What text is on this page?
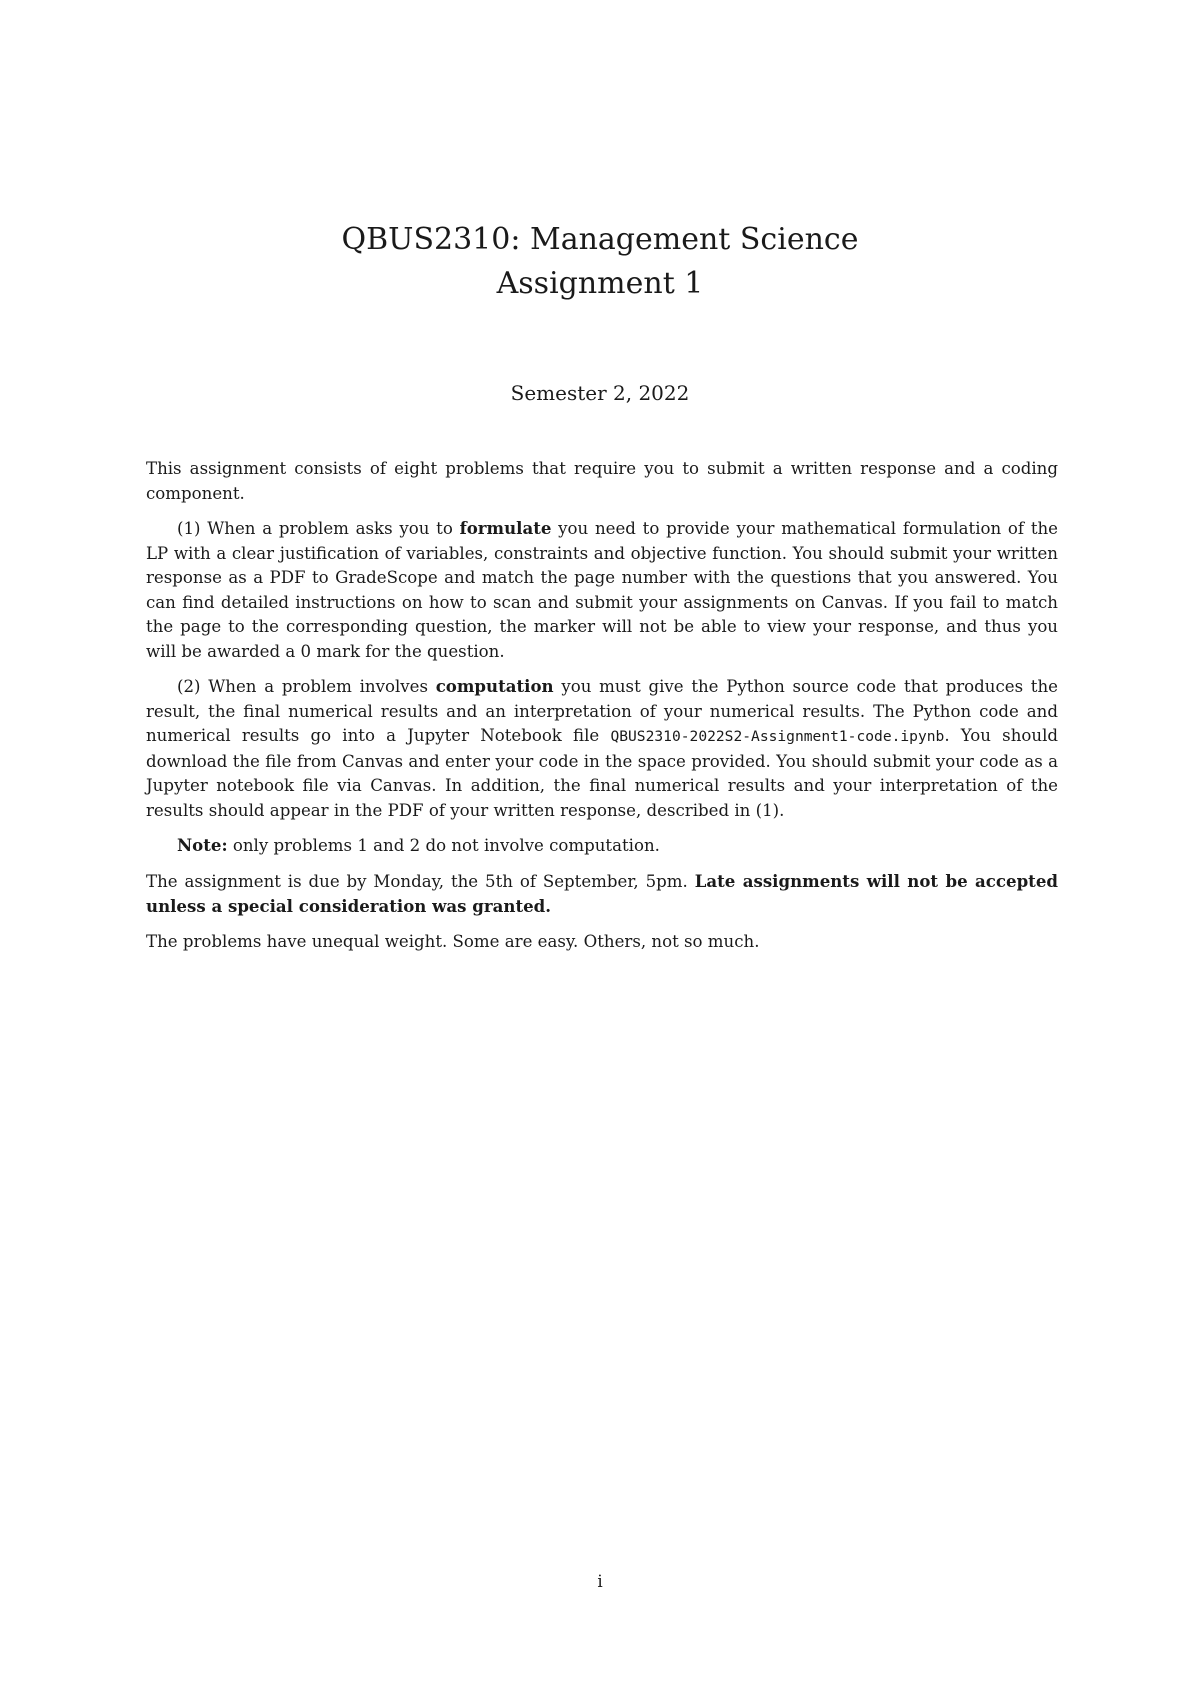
QBUS2310: Management Science
Assignment 1
Semester 2, 2022

This assignment consists of eight problems that require you to submit a written response and a coding component.

(1) When a problem asks you to formulate you need to provide your mathematical formulation of the LP with a clear justification of variables, constraints and objective function. You should submit your written response as a PDF to GradeScope and match the page number with the questions that you answered. You can find detailed instructions on how to scan and submit your assignments on Canvas. If you fail to match the page to the corresponding question, the marker will not be able to view your response, and thus you will be awarded a 0 mark for the question.

(2) When a problem involves computation you must give the Python source code that produces the result, the final numerical results and an interpretation of your numerical results. The Python code and numerical results go into a Jupyter Notebook file QBUS2310-2022S2-Assignment1-code.ipynb. You should download the file from Canvas and enter your code in the space provided. You should submit your code as a Jupyter notebook file via Canvas. In addition, the final numerical results and your interpretation of the results should appear in the PDF of your written response, described in (1).

Note: only problems 1 and 2 do not involve computation.

The assignment is due by Monday, the 5th of September, 5pm. Late assignments will not be accepted unless a special consideration was granted.

The problems have unequal weight. Some are easy. Others, not so much.

i
